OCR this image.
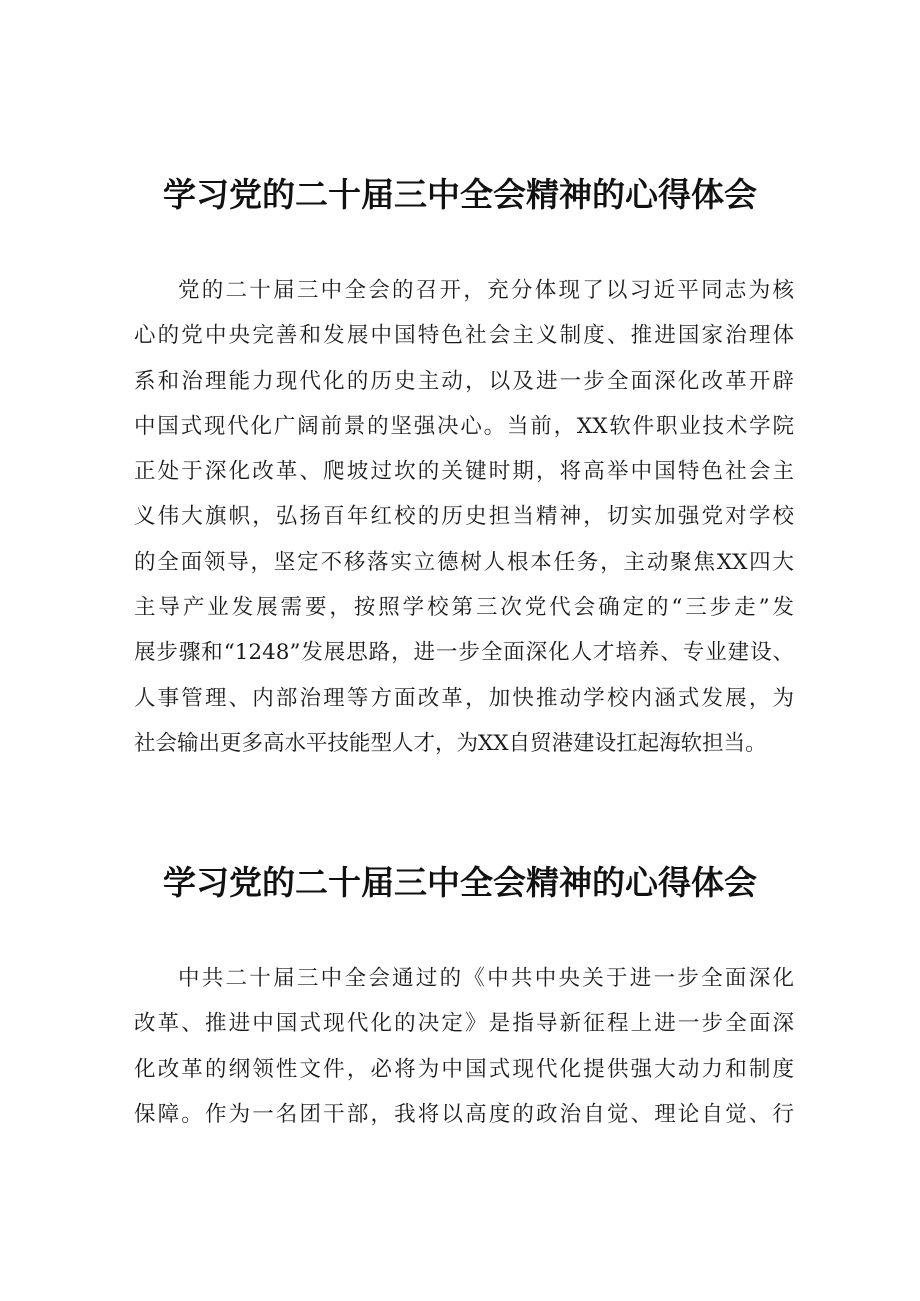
学习党的二十届三中全会精神的心得体会
党的二十届三中全会的召开，充分体现了以习近平同志为核
心的党中央完善和发展中国特色社会主义制度、推进国家治理体
系和治理能力现代化的历史主动，以及进一步全面深化改革开辟
中国式现代化广阔前景的坚强决心。当前，XX软件职业技术学院
正处于深化改革、爬坡过坎的关键时期，将高举中国特色社会主
义伟大旗帜，弘扬百年红校的历史担当精神，切实加强党对学校
的全面领导，坚定不移落实立德树人根本任务，主动聚焦XX四大
主导产业发展需要，按照学校第三次党代会确定的“三步走”发
展步骤和“1248”发展思路，进一步全面深化人才培养、专业建设、
人事管理、内部治理等方面改革，加快推动学校内涵式发展，为
社会输出更多高水平技能型人才，为XX自贸港建设扛起海软担当。
学习党的二十届三中全会精神的心得体会
中共二十届三中全会通过的《中共中央关于进一步全面深化
改革、推进中国式现代化的决定》是指导新征程上进一步全面深
化改革的纲领性文件，必将为中国式现代化提供强大动力和制度
保障。作为一名团干部，我将以高度的政治自觉、理论自觉、行
